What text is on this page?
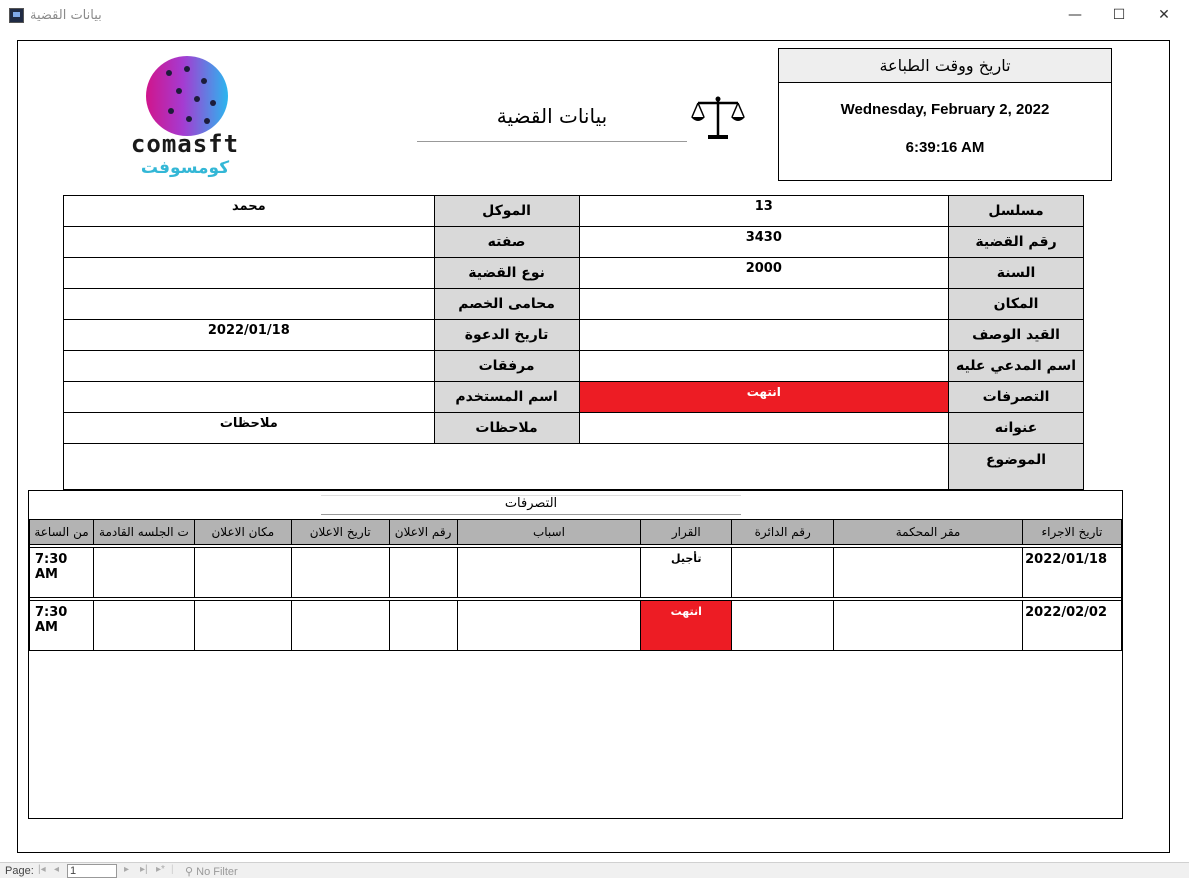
بيانات القضية	—	☐	✕
comasft
كومسوفت
بيانات القضية
تاريخ ووقت الطباعة
Wednesday, February 2, 2022
6:39:16 AM
محمد	الموكل	13	مسلسل
	صفته	3430	رقم القضية
	نوع القضية	2000	السنة
	محامى الخصم		المكان
2022/01/18	تاريخ الدعوة		القيد الوصف
	مرفقات		اسم المدعي عليه
	اسم المستخدم	انتهت	التصرفات
ملاحظات	ملاحظات		عنوانه
			الموضوع
التصرفات
من الساعة	ت الجلسه القادمة	مكان الاعلان	تاريخ الاعلان	رقم الاعلان	اسباب	القرار	رقم الدائرة	مقر المحكمة	تاريخ الاجراء

7:30 AM						تأجيل			2022/01/18

7:30 AM						انتهت			2022/02/02
Page: |◂ ◂ 1	▸ ▸| ▸* | ⚲ No Filter
